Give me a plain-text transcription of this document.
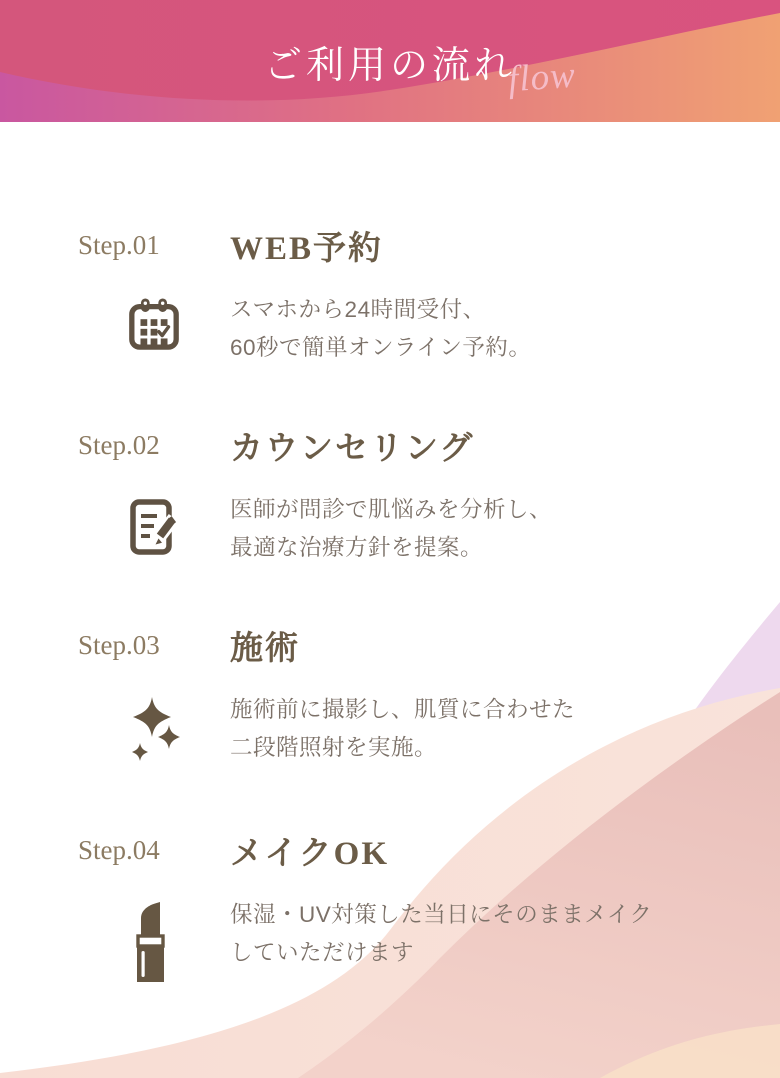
ご利用の流れ
flow
Step.01	WEB予約

スマホから24時間受付、
60秒で簡単オンライン予約。

Step.02	カウンセリング

医師が問診で肌悩みを分析し、
最適な治療方針を提案。

Step.03	施術

施術前に撮影し、肌質に合わせた
二段階照射を実施。

Step.04	メイクOK

保湿・UV対策した当日にそのままメイク
していただけます
